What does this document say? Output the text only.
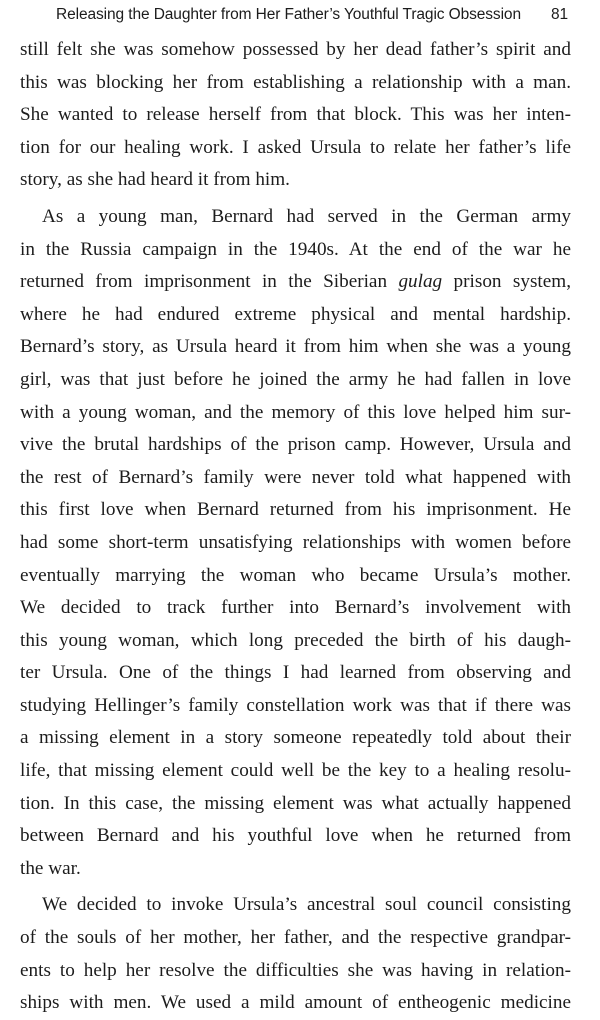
Releasing the Daughter from Her Father’s Youthful Tragic Obsession 81

still felt she was somehow possessed by her dead father’s spirit and

this was blocking her from establishing a relationship with a man.

She wanted to release herself from that block. This was her inten-

tion for our healing work. I asked Ursula to relate her father’s life

story, as she had heard it from him.

As a young man, Bernard had served in the German army

in the Russia campaign in the 1940s. At the end of the war he

returned from imprisonment in the Siberian gulag prison system,

where he had endured extreme physical and mental hardship.

Bernard’s story, as Ursula heard it from him when she was a young

girl, was that just before he joined the army he had fallen in love

with a young woman, and the memory of this love helped him sur-

vive the brutal hardships of the prison camp. However, Ursula and

the rest of Bernard’s family were never told what happened with

this first love when Bernard returned from his imprisonment. He

had some short-term unsatisfying relationships with women before

eventually marrying the woman who became Ursula’s mother.

We decided to track further into Bernard’s involvement with

this young woman, which long preceded the birth of his daugh-

ter Ursula. One of the things I had learned from observing and

studying Hellinger’s family constellation work was that if there was

a missing element in a story someone repeatedly told about their

life, that missing element could well be the key to a healing resolu-

tion. In this case, the missing element was what actually happened

between Bernard and his youthful love when he returned from

the war.

We decided to invoke Ursula’s ancestral soul council consisting

of the souls of her mother, her father, and the respective grandpar-

ents to help her resolve the difficulties she was having in relation-

ships with men. We used a mild amount of entheogenic medicine
